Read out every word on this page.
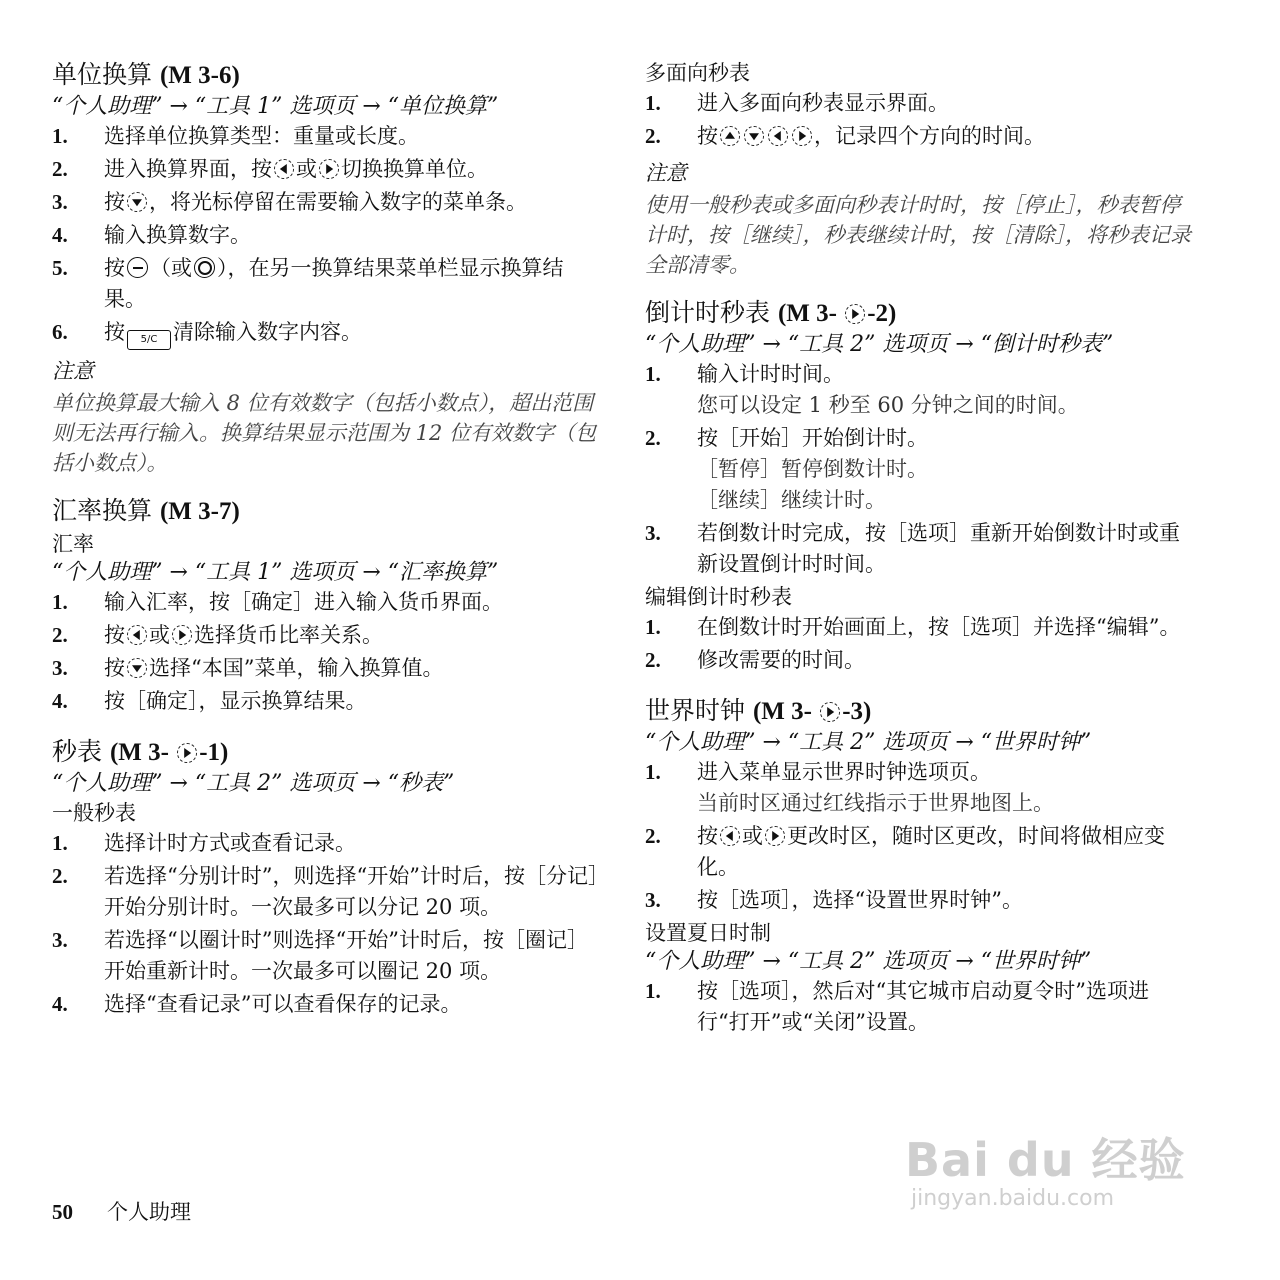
单位换算 (M 3-6)

“个人助理” → “工具 1” 选项页 → “单位换算”

1. 选择单位换算类型：重量或长度。
2. 进入换算界面，按 或 切换换算单位。
3. 按 ，将光标停留在需要输入数字的菜单条。
4. 输入换算数字。
5. 按 （或 ），在另一换算结果菜单栏显示换算结果。
6. 按 5/C 清除输入数字内容。

注意

单位换算最大输入 8 位有效数字（包括小数点），超出范围则无法再行输入。换算结果显示范围为 12 位有效数字（包括小数点）。

汇率换算 (M 3-7)

汇率

“个人助理” → “工具 1” 选项页 → “汇率换算”

1. 输入汇率，按［确定］进入输入货币界面。
2. 按 或 选择货币比率关系。
3. 按 选择“本国”菜单，输入换算值。
4. 按［确定］，显示换算结果。
秒表 (M 3- -1)

“个人助理” → “工具 2” 选项页 → “秒表”

一般秒表

1. 选择计时方式或查看记录。
2. 若选择“分别计时”，则选择“开始”计时后，按［分记］开始分别计时。一次最多可以分记 20 项。
3. 若选择“以圈计时”则选择“开始”计时后，按［圈记］开始重新计时。一次最多可以圈记 20 项。
4. 选择“查看记录”可以查看保存的记录。

多面向秒表

1. 进入多面向秒表显示界面。
2. 按	，记录四个方向的时间。

注意

使用一般秒表或多面向秒表计时时，按［停止］，秒表暂停计时，按［继续］，秒表继续计时，按［清除］，将秒表记录全部清零。

倒计时秒表 (M 3- -2)

“个人助理” → “工具 2” 选项页 → “倒计时秒表”

1. 输入计时时间。
您可以设定 1 秒至 60 分钟之间的时间。
2. 按［开始］开始倒计时。
［暂停］暂停倒数计时。
［继续］继续计时。
3. 若倒数计时完成，按［选项］重新开始倒数计时或重新设置倒计时时间。

编辑倒计时秒表

1. 在倒数计时开始画面上，按［选项］并选择“编辑”。
2. 修改需要的时间。
世界时钟 (M 3- -3)

“个人助理” → “工具 2” 选项页 → “世界时钟”

1. 进入菜单显示世界时钟选项页。
当前时区通过红线指示于世界地图上。
2. 按 或 更改时区，随时区更改，时间将做相应变化。
3. 按［选项］，选择“设置世界时钟”。

设置夏日时制

“个人助理” → “工具 2” 选项页 → “世界时钟”

1. 按［选项］，然后对“其它城市启动夏令时”选项进行“打开”或“关闭”设置。
50 个人助理
Bai du 经验
jingyan.baidu.com
